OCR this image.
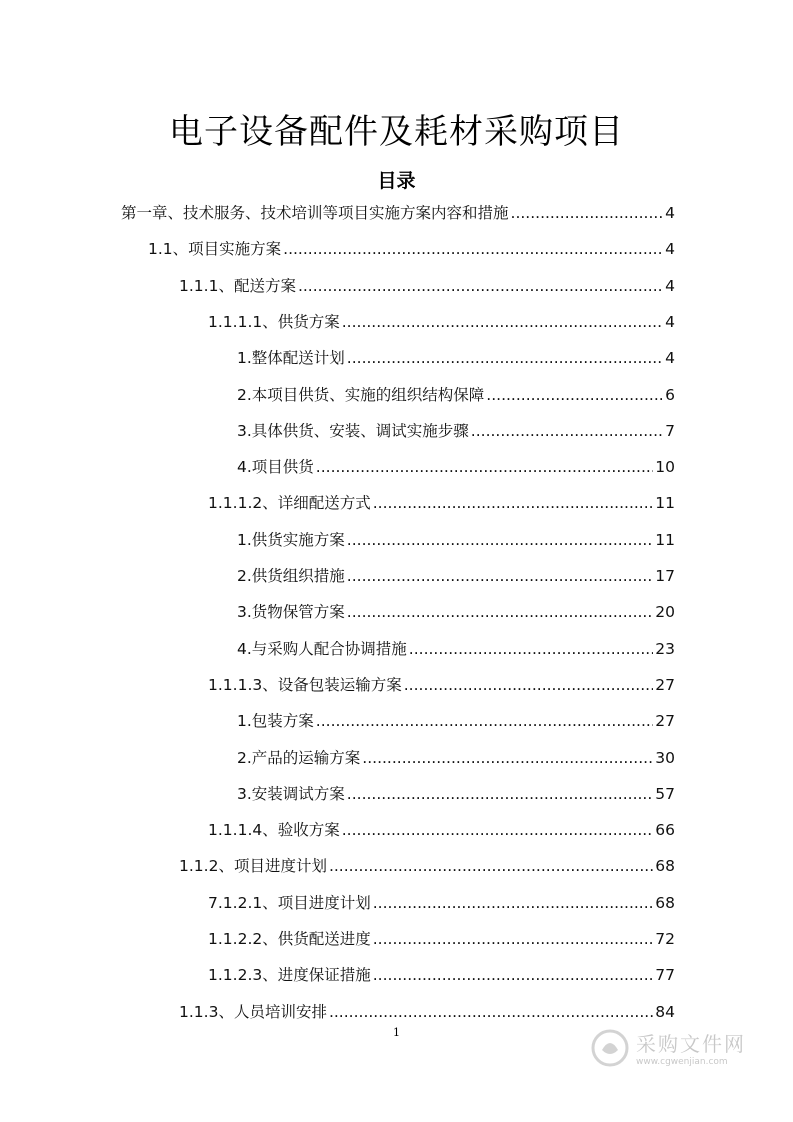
电子设备配件及耗材采购项目
目录
第一章、技术服务、技术培训等项目实施方案内容和措施 .....	4
1.1、项目实施方案 .....	4
1.1.1、配送方案 .....	4
1.1.1.1、供货方案 .....	4
1.整体配送计划 .....	4
2.本项目供货、实施的组织结构保障 .....	6
3.具体供货、安装、调试实施步骤 .....	7
4.项目供货 .....	10
1.1.1.2、详细配送方式 .....	11
1.供货实施方案 .....	11
2.供货组织措施 .....	17
3.货物保管方案 .....	20
4.与采购人配合协调措施 .....	23
1.1.1.3、设备包装运输方案 .....	27
1.包装方案 .....	27
2.产品的运输方案 .....	30
3.安装调试方案 .....	57
1.1.1.4、验收方案 .....	66
1.1.2、项目进度计划 .....	68
7.1.2.1、项目进度计划 .....	68
1.1.2.2、供货配送进度 .....	72
1.1.2.3、进度保证措施 .....	77
1.1.3、人员培训安排 .....	84
1	采购文件网
www.cgwenjian.com
